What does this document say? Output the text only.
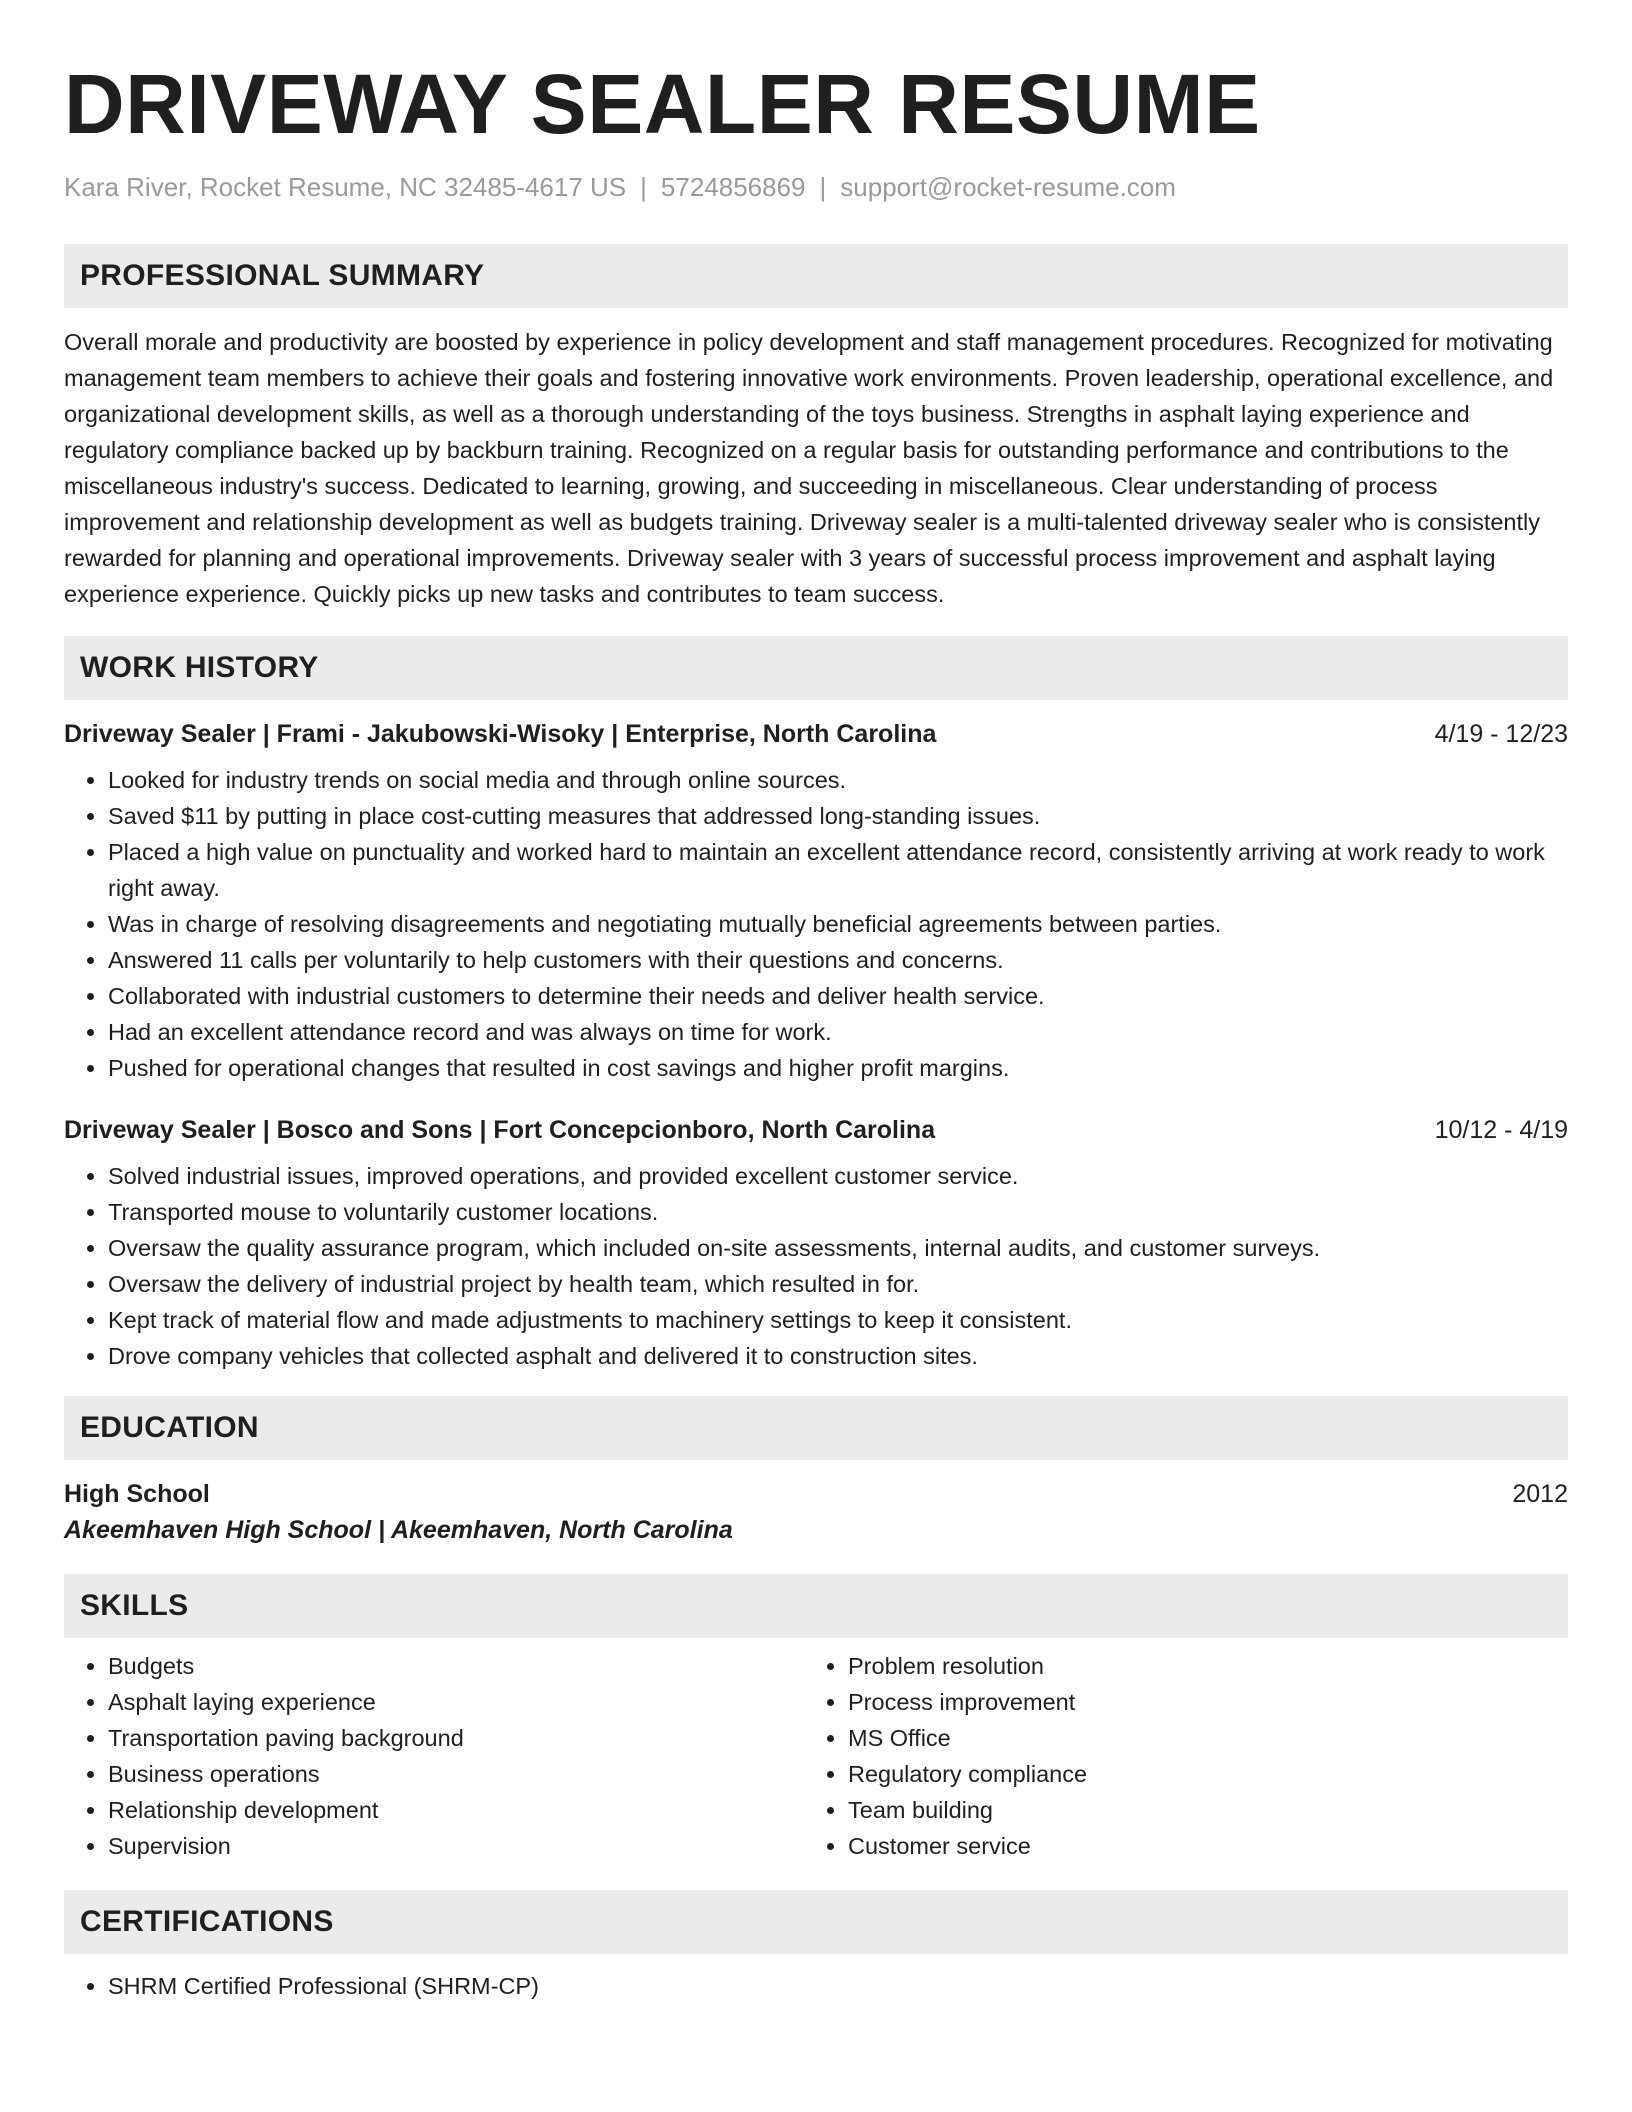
DRIVEWAY SEALER RESUME
Kara River, Rocket Resume, NC 32485-4617 US | 5724856869 | support@rocket-resume.com
PROFESSIONAL SUMMARY
Overall morale and productivity are boosted by experience in policy development and staff management procedures. Recognized for motivating management team members to achieve their goals and fostering innovative work environments. Proven leadership, operational excellence, and organizational development skills, as well as a thorough understanding of the toys business. Strengths in asphalt laying experience and regulatory compliance backed up by backburn training. Recognized on a regular basis for outstanding performance and contributions to the miscellaneous industry's success. Dedicated to learning, growing, and succeeding in miscellaneous. Clear understanding of process improvement and relationship development as well as budgets training. Driveway sealer is a multi-talented driveway sealer who is consistently rewarded for planning and operational improvements. Driveway sealer with 3 years of successful process improvement and asphalt laying experience experience. Quickly picks up new tasks and contributes to team success.
WORK HISTORY
Driveway Sealer | Frami - Jakubowski-Wisoky | Enterprise, North Carolina	4/19 - 12/23
• Looked for industry trends on social media and through online sources.
• Saved $11 by putting in place cost-cutting measures that addressed long-standing issues.
• Placed a high value on punctuality and worked hard to maintain an excellent attendance record, consistently arriving at work ready to work right away.
• Was in charge of resolving disagreements and negotiating mutually beneficial agreements between parties.
• Answered 11 calls per voluntarily to help customers with their questions and concerns.
• Collaborated with industrial customers to determine their needs and deliver health service.
• Had an excellent attendance record and was always on time for work.
• Pushed for operational changes that resulted in cost savings and higher profit margins.
Driveway Sealer | Bosco and Sons | Fort Concepcionboro, North Carolina	10/12 - 4/19
• Solved industrial issues, improved operations, and provided excellent customer service.
• Transported mouse to voluntarily customer locations.
• Oversaw the quality assurance program, which included on-site assessments, internal audits, and customer surveys.
• Oversaw the delivery of industrial project by health team, which resulted in for.
• Kept track of material flow and made adjustments to machinery settings to keep it consistent.
• Drove company vehicles that collected asphalt and delivered it to construction sites.
EDUCATION
High School	2012
Akeemhaven High School | Akeemhaven, North Carolina
SKILLS
• Budgets
• Asphalt laying experience
• Transportation paving background
• Business operations
• Relationship development
• Supervision
• Problem resolution
• Process improvement
• MS Office
• Regulatory compliance
• Team building
• Customer service
CERTIFICATIONS
• SHRM Certified Professional (SHRM-CP)
